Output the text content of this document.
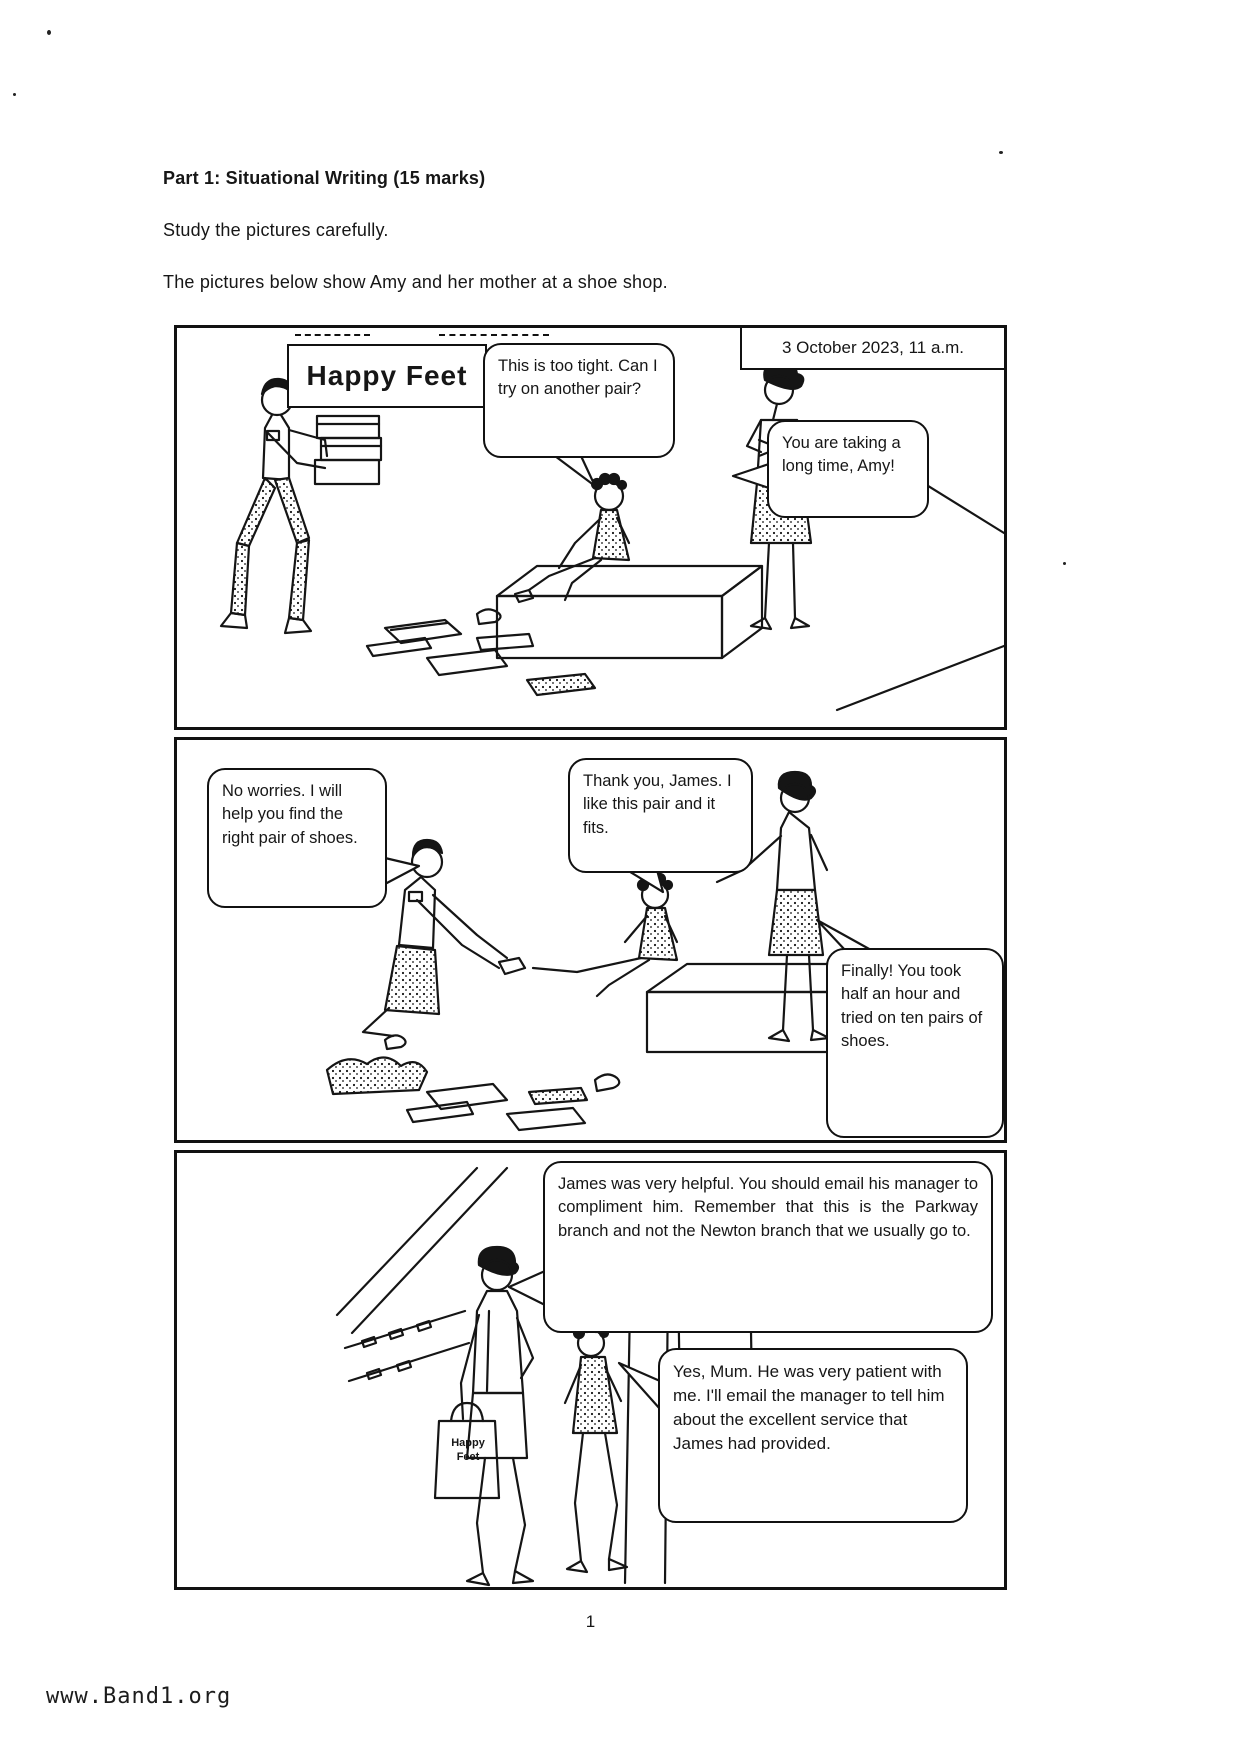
Part 1: Situational Writing (15 marks)
Study the pictures carefully.
The pictures below show Amy and her mother at a shoe shop.
Happy Feet
3 October 2023, 11 a.m.
This is too tight. Can I try on another pair?
You are taking a long time, Amy!
No worries. I will help you find the right pair of shoes.
Thank you, James. I like this pair and it fits.
Finally! You took half an hour and tried on ten pairs of shoes.
James was very helpful. You should email his manager to compliment him. Remember that this is the Parkway branch and not the Newton branch that we usually go to.
Yes, Mum. He was very patient with me. I'll email the manager to tell him about the excellent service that James had provided.
Happy Feet
1
www.Band1.org
